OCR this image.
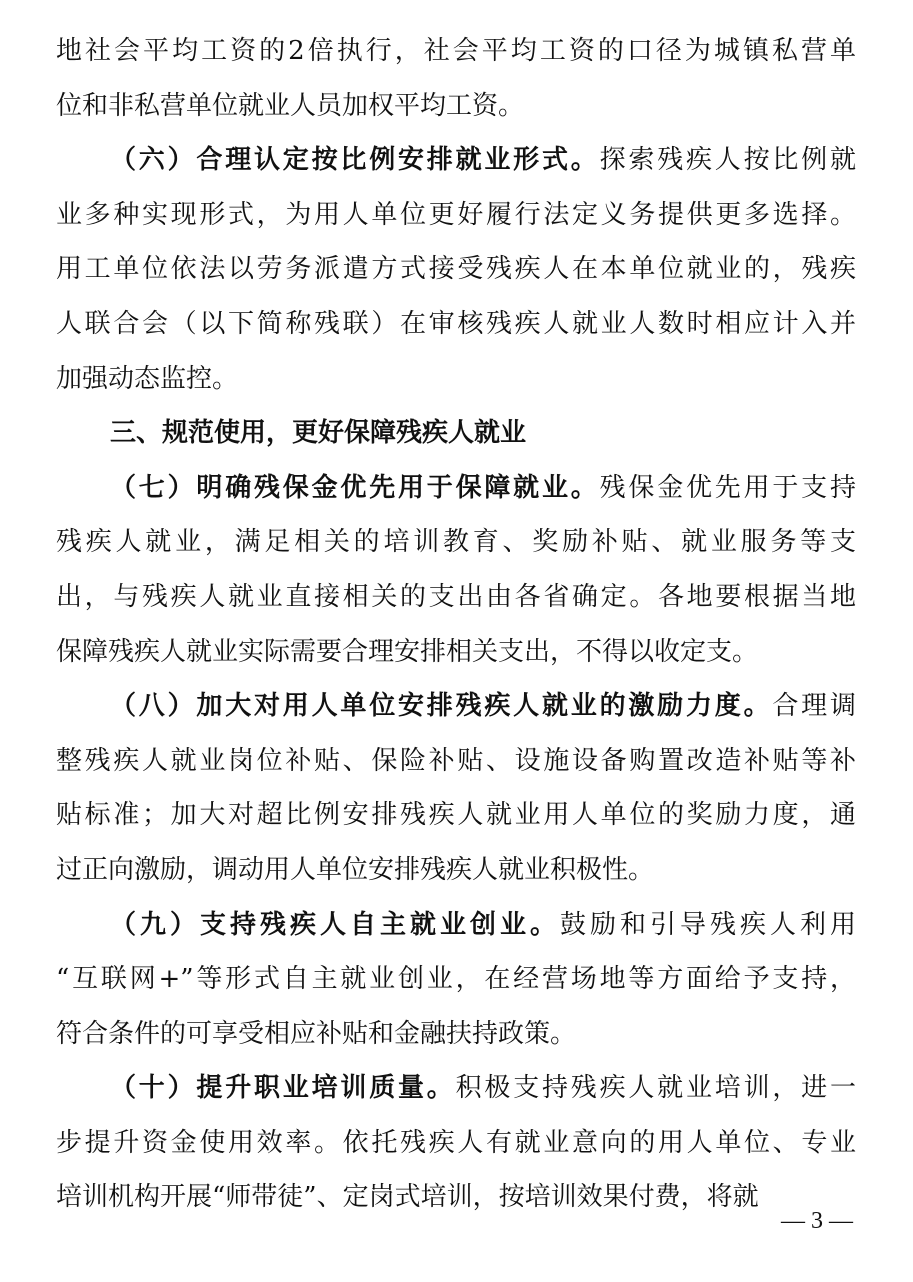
地社会平均工资的2倍执行，社会平均工资的口径为城镇私营单
位和非私营单位就业人员加权平均工资。
（六）合理认定按比例安排就业形式。探索残疾人按比例就
业多种实现形式，为用人单位更好履行法定义务提供更多选择。
用工单位依法以劳务派遣方式接受残疾人在本单位就业的，残疾
人联合会（以下简称残联）在审核残疾人就业人数时相应计入并
加强动态监控。
三、规范使用，更好保障残疾人就业
（七）明确残保金优先用于保障就业。残保金优先用于支持
残疾人就业，满足相关的培训教育、奖励补贴、就业服务等支
出，与残疾人就业直接相关的支出由各省确定。各地要根据当地
保障残疾人就业实际需要合理安排相关支出，不得以收定支。
（八）加大对用人单位安排残疾人就业的激励力度。合理调
整残疾人就业岗位补贴、保险补贴、设施设备购置改造补贴等补
贴标准；加大对超比例安排残疾人就业用人单位的奖励力度，通
过正向激励，调动用人单位安排残疾人就业积极性。
（九）支持残疾人自主就业创业。鼓励和引导残疾人利用
“互联网+”等形式自主就业创业，在经营场地等方面给予支持，
符合条件的可享受相应补贴和金融扶持政策。
（十）提升职业培训质量。积极支持残疾人就业培训，进一
步提升资金使用效率。依托残疾人有就业意向的用人单位、专业
培训机构开展“师带徒”、定岗式培训，按培训效果付费，将就
— 3 —
